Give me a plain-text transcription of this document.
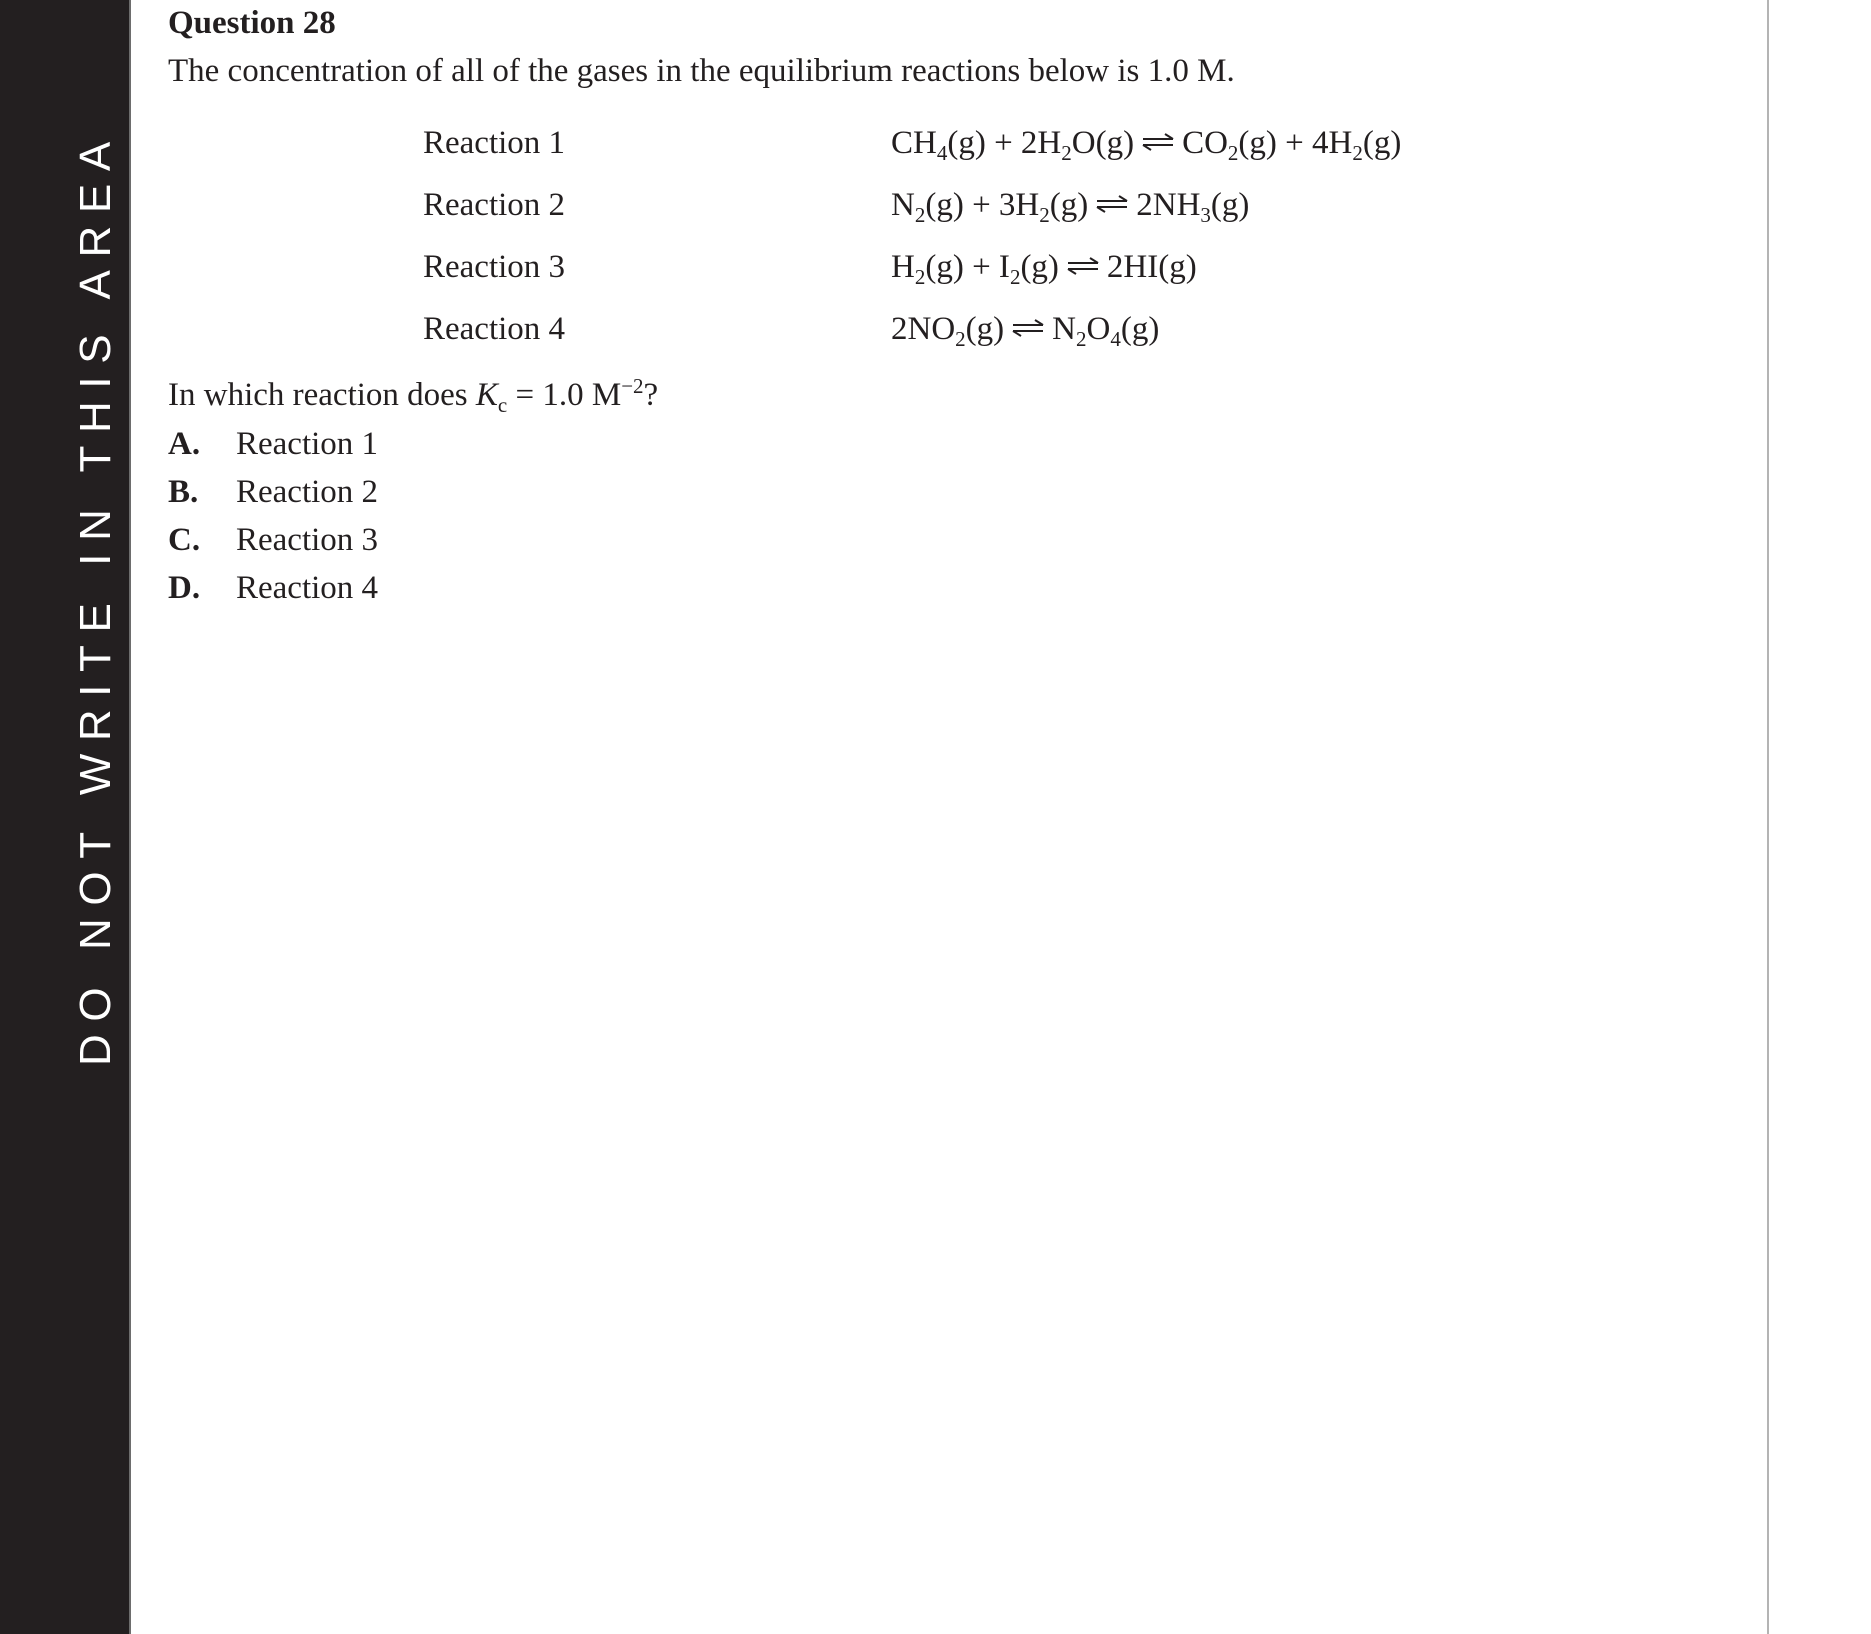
DO NOT WRITE IN THIS AREA
Question 28
The concentration of all of the gases in the equilibrium reactions below is 1.0 M.
Reaction 1	$CH_4(g) + 2H_2O(g)$ ⇌ $CO_2(g) + 4H_2(g)$
Reaction 2	$N_2(g) + 3H_2(g)$ ⇌ $2NH_3(g)$
Reaction 3	$H_2(g) + I_2(g)$ ⇌ 2HI(g)
Reaction 4	$2NO_2(g)$ ⇌ $N_2O_4(g)$
In which reaction does $K_c = 1.0$ $M^{-2}$?
A. Reaction 1
B. Reaction 2
C. Reaction 3
D. Reaction 4
